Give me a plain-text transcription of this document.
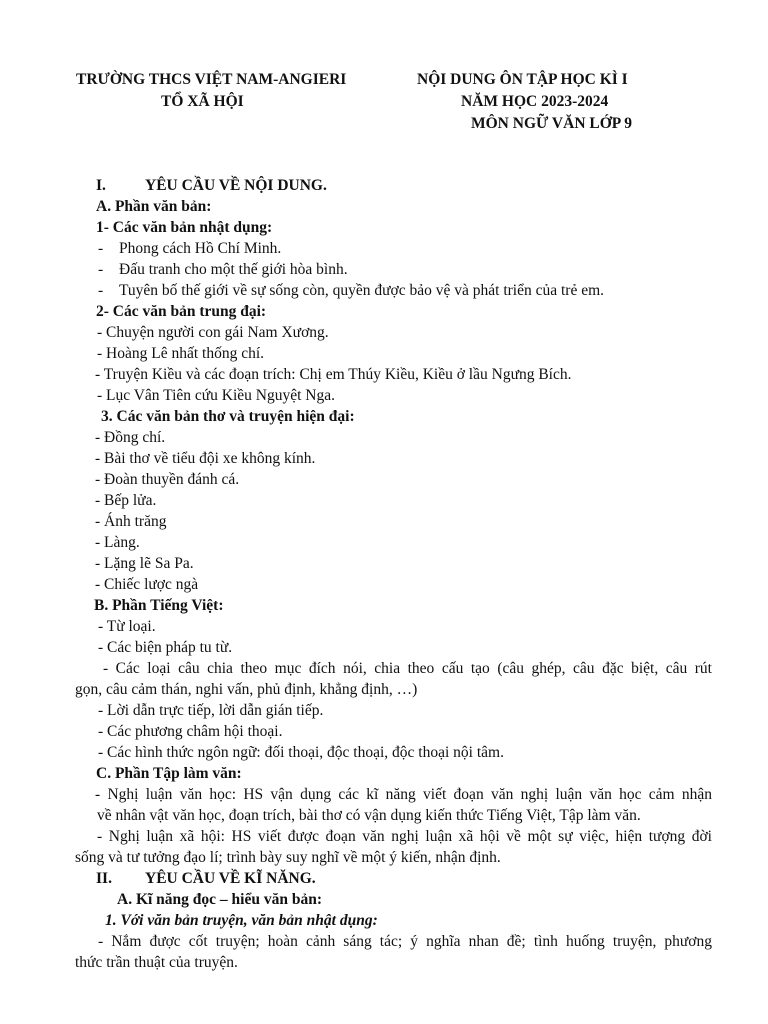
TRƯỜNG THCS VIỆT NAM-ANGIERI
TỔ XÃ HỘI
NỘI DUNG ÔN TẬP HỌC KÌ I
NĂM HỌC 2023-2024
MÔN NGỮ VĂN LỚP 9
I.	YÊU CẦU VỀ NỘI DUNG.
A. Phần văn bản:
1- Các văn bản nhật dụng:
- Phong cách Hồ Chí Minh.
- Đấu tranh cho một thế giới hòa bình.
- Tuyên bố thế giới về sự sống còn, quyền được bảo vệ và phát triển của trẻ em.
2- Các văn bản trung đại:
- Chuyện người con gái Nam Xương.
- Hoàng Lê nhất thống chí.
- Truyện Kiều và các đoạn trích: Chị em Thúy Kiều, Kiều ở lầu Ngưng Bích.
- Lục Vân Tiên cứu Kiều Nguyệt Nga.
3. Các văn bản thơ và truyện hiện đại:
- Đồng chí.
- Bài thơ về tiểu đội xe không kính.
- Đoàn thuyền đánh cá.
- Bếp lửa.
- Ánh trăng
- Làng.
- Lặng lẽ Sa Pa.
- Chiếc lược ngà
B. Phần Tiếng Việt:
- Từ loại.
- Các biện pháp tu từ.
- Các loại câu chia theo mục đích nói, chia theo cấu tạo (câu ghép, câu đặc biệt, câu rút
gọn, câu cảm thán, nghi vấn, phủ định, khẳng định, …)
- Lời dẫn trực tiếp, lời dẫn gián tiếp.
- Các phương châm hội thoại.
- Các hình thức ngôn ngữ: đối thoại, độc thoại, độc thoại nội tâm.
C. Phần Tập làm văn:
- Nghị luận văn học: HS vận dụng các kĩ năng viết đoạn văn nghị luận văn học cảm nhận
về nhân vật văn học, đoạn trích, bài thơ có vận dụng kiến thức Tiếng Việt, Tập làm văn.
- Nghị luận xã hội: HS viết được đoạn văn nghị luận xã hội về một sự việc, hiện tượng đời
sống và tư tưởng đạo lí; trình bày suy nghĩ về một ý kiến, nhận định.
II. YÊU CẦU VỀ KĨ NĂNG.
A. Kĩ năng đọc – hiểu văn bản:
1. Với văn bản truyện, văn bản nhật dụng:
- Nắm được cốt truyện; hoàn cảnh sáng tác; ý nghĩa nhan đề; tình huống truyện, phương
thức trần thuật của truyện.
